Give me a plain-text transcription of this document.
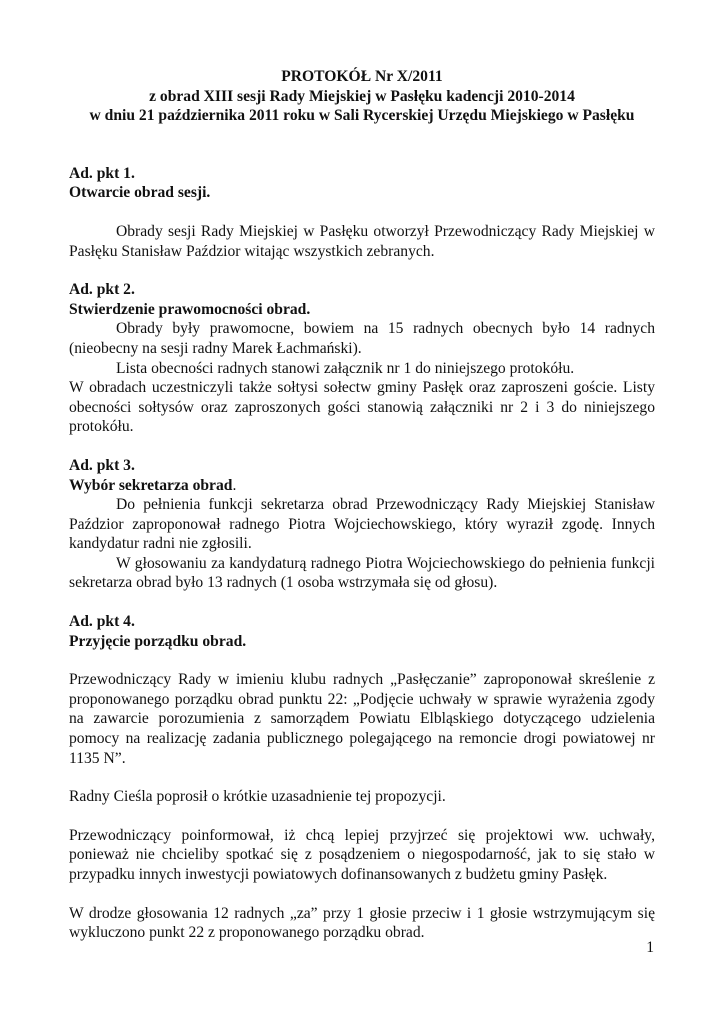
PROTOKÓŁ Nr X/2011
z obrad XIII sesji Rady Miejskiej w Pasłęku kadencji 2010-2014
w dniu 21 października 2011 roku w Sali Rycerskiej Urzędu Miejskiego w Pasłęku
Ad. pkt 1.
Otwarcie obrad sesji.

Obrady sesji Rady Miejskiej w Pasłęku otworzył Przewodniczący Rady Miejskiej w Pasłęku Stanisław Paździor witając wszystkich zebranych.

Ad. pkt 2.
Stwierdzenie prawomocności obrad.

Obrady były prawomocne, bowiem na 15 radnych obecnych było 14 radnych (nieobecny na sesji radny Marek Łachmański).

Lista obecności radnych stanowi załącznik nr 1 do niniejszego protokółu.

W obradach uczestniczyli także sołtysi sołectw gminy Pasłęk oraz zaproszeni goście. Listy obecności sołtysów oraz zaproszonych gości stanowią załączniki nr 2 i 3 do niniejszego protokółu.

Ad. pkt 3.
Wybór sekretarza obrad.

Do pełnienia funkcji sekretarza obrad Przewodniczący Rady Miejskiej Stanisław Paździor zaproponował radnego Piotra Wojciechowskiego, który wyraził zgodę. Innych kandydatur radni nie zgłosili.

W głosowaniu za kandydaturą radnego Piotra Wojciechowskiego do pełnienia funkcji sekretarza obrad było 13 radnych (1 osoba wstrzymała się od głosu).

Ad. pkt 4.
Przyjęcie porządku obrad.

Przewodniczący Rady w imieniu klubu radnych „Pasłęczanie” zaproponował skreślenie z proponowanego porządku obrad punktu 22: „Podjęcie uchwały w sprawie wyrażenia zgody na zawarcie porozumienia z samorządem Powiatu Elbląskiego dotyczącego udzielenia pomocy na realizację zadania publicznego polegającego na remoncie drogi powiatowej nr 1135 N”.

Radny Cieśla poprosił o krótkie uzasadnienie tej propozycji.

Przewodniczący poinformował, iż chcą lepiej przyjrzeć się projektowi ww. uchwały, ponieważ nie chcieliby spotkać się z posądzeniem o niegospodarność, jak to się stało w przypadku innych inwestycji powiatowych dofinansowanych z budżetu gminy Pasłęk.

W drodze głosowania 12 radnych „za” przy 1 głosie przeciw i 1 głosie wstrzymującym się wykluczono punkt 22 z proponowanego porządku obrad.

1
